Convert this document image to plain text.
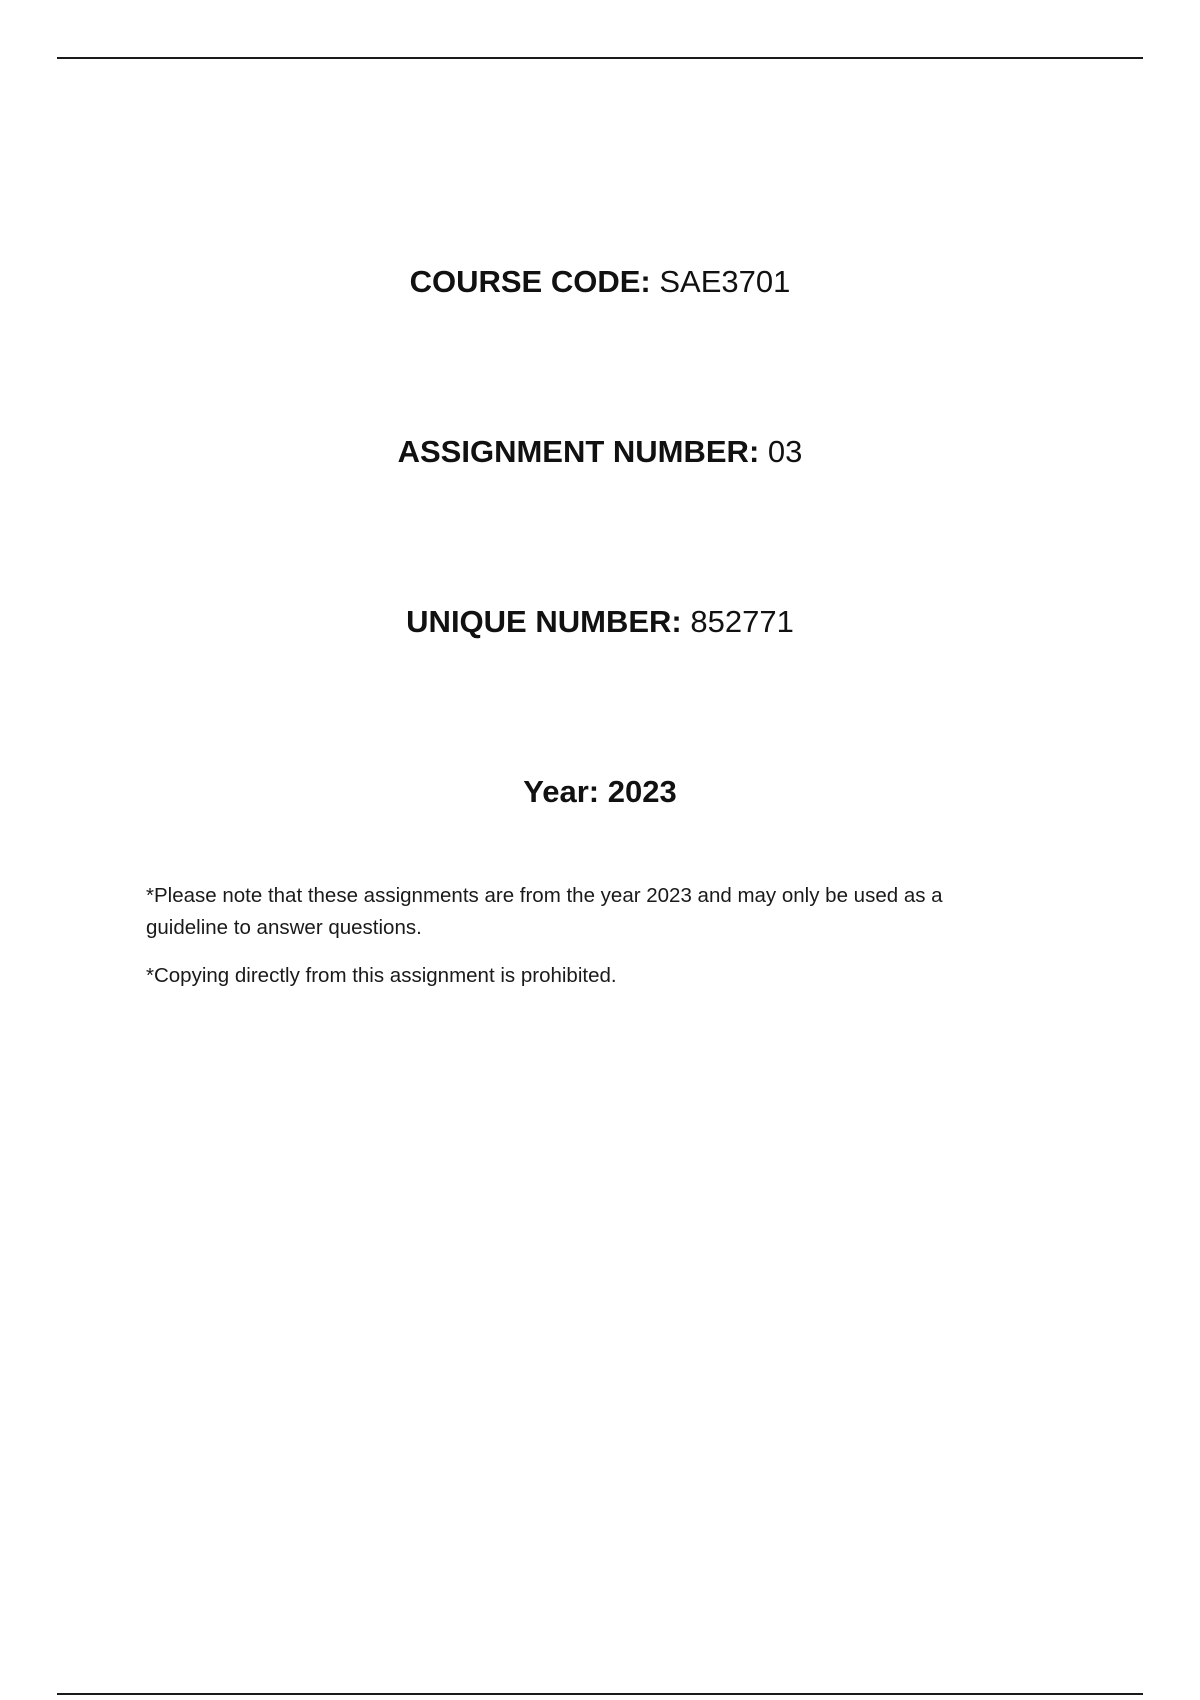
COURSE CODE: SAE3701
ASSIGNMENT NUMBER: 03
UNIQUE NUMBER: 852771
Year: 2023

*Please note that these assignments are from the year 2023 and may only be used as a guideline to answer questions.

*Copying directly from this assignment is prohibited.
